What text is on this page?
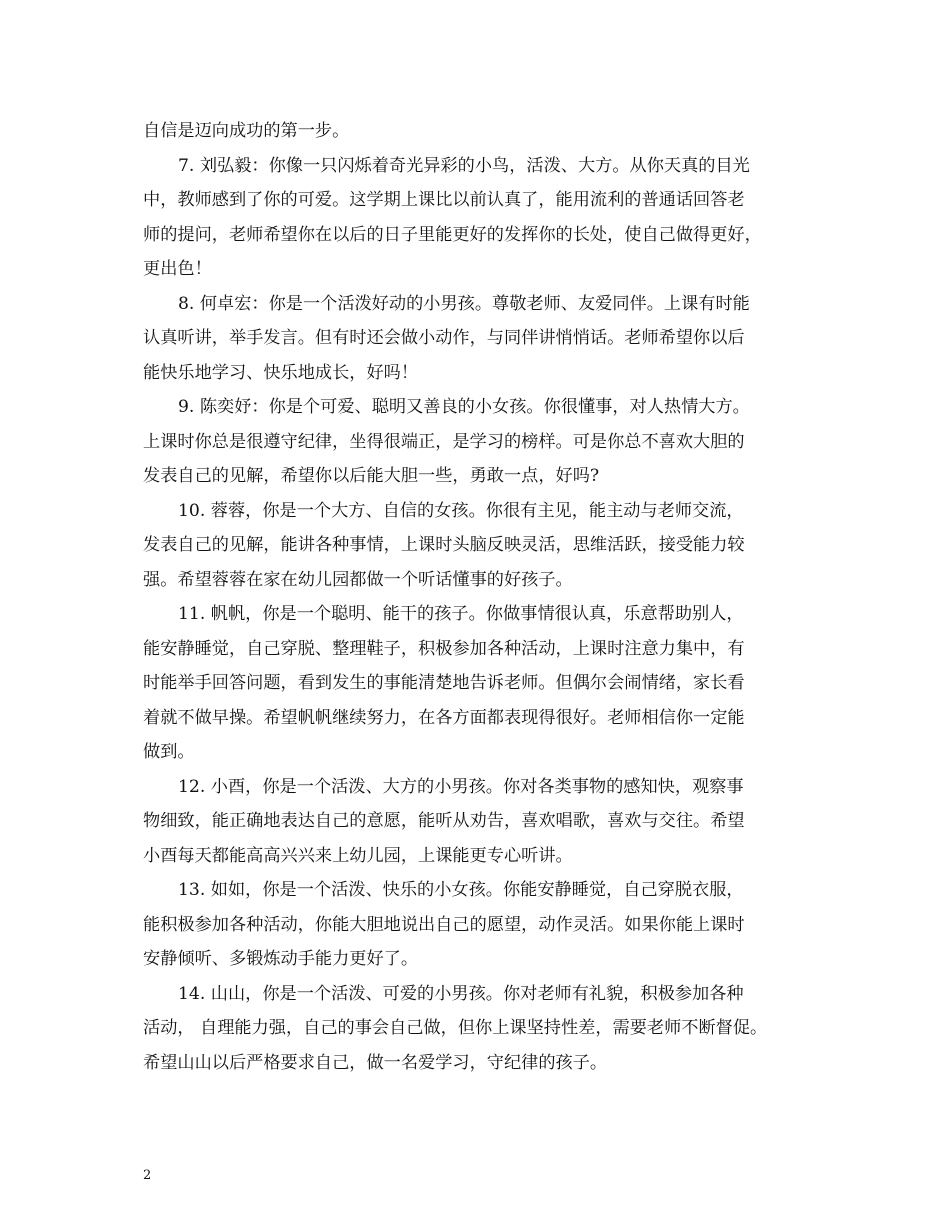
自信是迈向成功的第一步。
7. 刘弘毅：你像一只闪烁着奇光异彩的小鸟，活泼、大方。从你天真的目光
中，教师感到了你的可爱。这学期上课比以前认真了，能用流利的普通话回答老
师的提问，老师希望你在以后的日子里能更好的发挥你的长处，使自己做得更好，
更出色！
8. 何卓宏：你是一个活泼好动的小男孩。尊敬老师、友爱同伴。上课有时能
认真听讲，举手发言。但有时还会做小动作，与同伴讲悄悄话。老师希望你以后
能快乐地学习、快乐地成长，好吗！
9. 陈奕妤：你是个可爱、聪明又善良的小女孩。你很懂事，对人热情大方。
上课时你总是很遵守纪律，坐得很端正，是学习的榜样。可是你总不喜欢大胆的
发表自己的见解，希望你以后能大胆一些，勇敢一点，好吗?
10. 蓉蓉，你是一个大方、自信的女孩。你很有主见，能主动与老师交流，
发表自己的见解，能讲各种事情，上课时头脑反映灵活，思维活跃，接受能力较
强。希望蓉蓉在家在幼儿园都做一个听话懂事的好孩子。
11. 帆帆，你是一个聪明、能干的孩子。你做事情很认真，乐意帮助别人，
能安静睡觉，自己穿脱、整理鞋子，积极参加各种活动，上课时注意力集中，有
时能举手回答问题，看到发生的事能清楚地告诉老师。但偶尔会闹情绪，家长看
着就不做早操。希望帆帆继续努力，在各方面都表现得很好。老师相信你一定能
做到。
12. 小酉，你是一个活泼、大方的小男孩。你对各类事物的感知快，观察事
物细致，能正确地表达自己的意愿，能听从劝告，喜欢唱歌，喜欢与交往。希望
小酉每天都能高高兴兴来上幼儿园，上课能更专心听讲。
13. 如如，你是一个活泼、快乐的小女孩。你能安静睡觉，自己穿脱衣服，
能积极参加各种活动，你能大胆地说出自己的愿望，动作灵活。如果你能上课时
安静倾听、多锻炼动手能力更好了。
14. 山山，你是一个活泼、可爱的小男孩。你对老师有礼貌，积极参加各种
活动， 自理能力强，自己的事会自己做，但你上课坚持性差，需要老师不断督促。
希望山山以后严格要求自己，做一名爱学习，守纪律的孩子。
2
